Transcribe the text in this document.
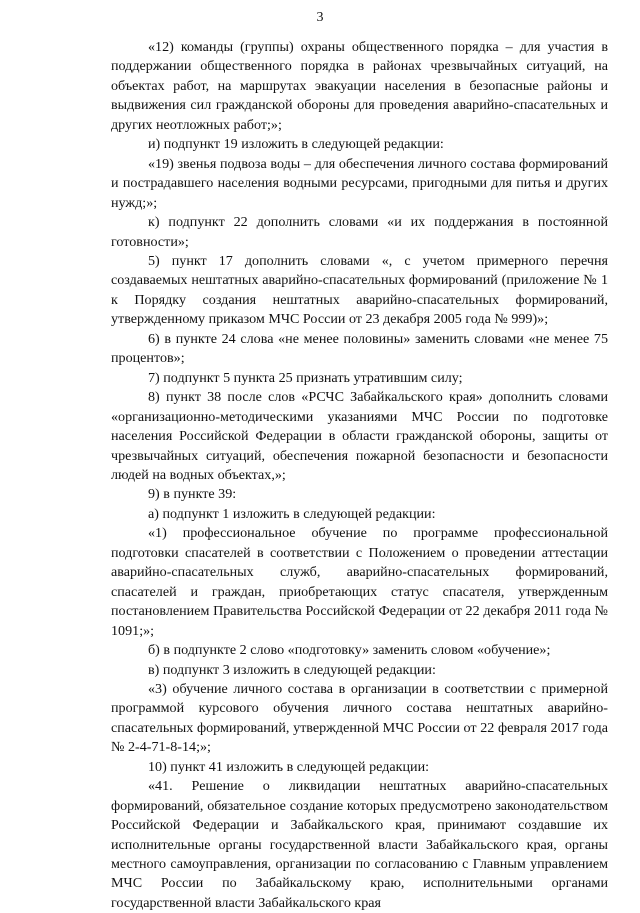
3

«12) команды (группы) охраны общественного порядка – для участия в поддержании общественного порядка в районах чрезвычайных ситуаций, на объектах работ, на маршрутах эвакуации населения в безопасные районы и выдвижения сил гражданской обороны для проведения аварийно-спасательных и других неотложных работ;»;

и) подпункт 19 изложить в следующей редакции:

«19) звенья подвоза воды – для обеспечения личного состава формирований и пострадавшего населения водными ресурсами, пригодными для питья и других нужд;»;

к) подпункт 22 дополнить словами «и их поддержания в постоянной готовности»;

5) пункт 17 дополнить словами «, с учетом примерного перечня создаваемых нештатных аварийно-спасательных формирований (приложение № 1 к Порядку создания нештатных аварийно-спасательных формирований, утвержденному приказом МЧС России от 23 декабря 2005 года № 999)»;

6) в пункте 24 слова «не менее половины» заменить словами «не менее 75 процентов»;

7) подпункт 5 пункта 25 признать утратившим силу;

8) пункт 38 после слов «РСЧС Забайкальского края» дополнить словами «организационно-методическими указаниями МЧС России по подготовке населения Российской Федерации в области гражданской обороны, защиты от чрезвычайных ситуаций, обеспечения пожарной безопасности и безопасности людей на водных объектах,»;

9) в пункте 39:

а) подпункт 1 изложить в следующей редакции:

«1) профессиональное обучение по программе профессиональной подготовки спасателей в соответствии с Положением о проведении аттестации аварийно-спасательных служб, аварийно-спасательных формирований, спасателей и граждан, приобретающих статус спасателя, утвержденным постановлением Правительства Российской Федерации от 22 декабря 2011 года № 1091;»;

б) в подпункте 2 слово «подготовку» заменить словом «обучение»;

в) подпункт 3 изложить в следующей редакции:

«3) обучение личного состава в организации в соответствии с примерной программой курсового обучения личного состава нештатных аварийно-спасательных формирований, утвержденной МЧС России от 22 февраля 2017 года № 2-4-71-8-14;»;

10) пункт 41 изложить в следующей редакции:

«41. Решение о ликвидации нештатных аварийно-спасательных формирований, обязательное создание которых предусмотрено законодательством Российской Федерации и Забайкальского края, принимают создавшие их исполнительные органы государственной власти Забайкальского края, органы местного самоуправления, организации по согласованию с Главным управлением МЧС России по Забайкальскому краю, исполнительными органами государственной власти Забайкальского края
